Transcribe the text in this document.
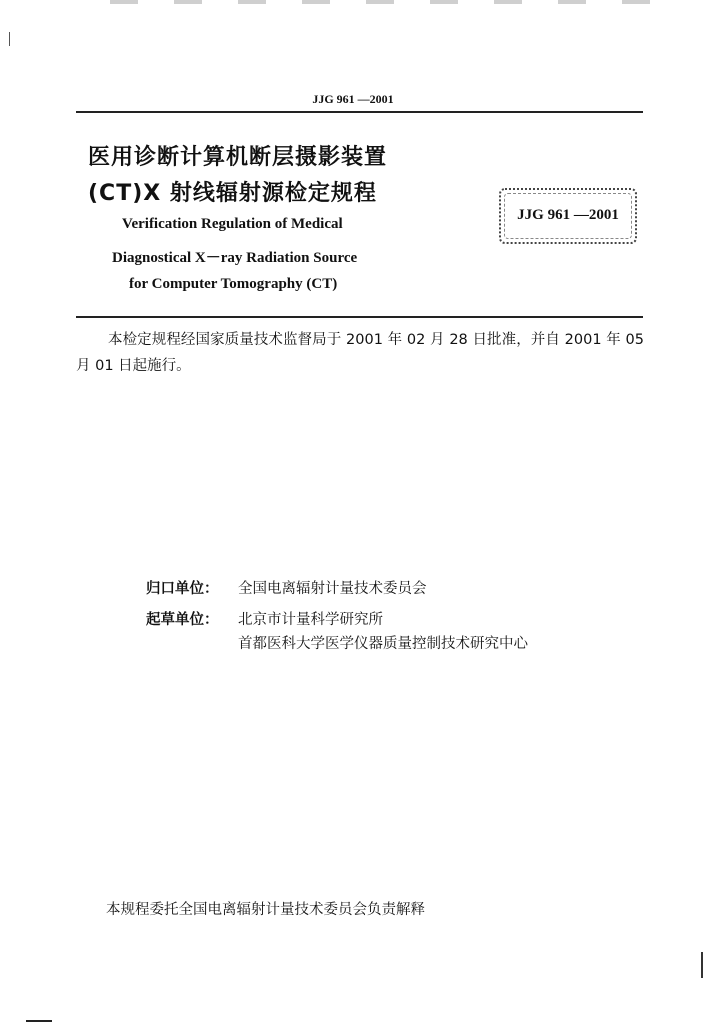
JJG 961 —2001
医用诊断计算机断层摄影装置
(CT)X 射线辐射源检定规程
Verification Regulation of Medical
Diagnostical X－ray Radiation Source
for Computer Tomography (CT)
JJG 961 —2001
本检定规程经国家质量技术监督局于 2001 年 02 月 28 日批准，并自 2001 年 05 月 01 日起施行。
归口单位： 全国电离辐射计量技术委员会
起草单位： 北京市计量科学研究所
首都医科大学医学仪器质量控制技术研究中心
本规程委托全国电离辐射计量技术委员会负责解释
